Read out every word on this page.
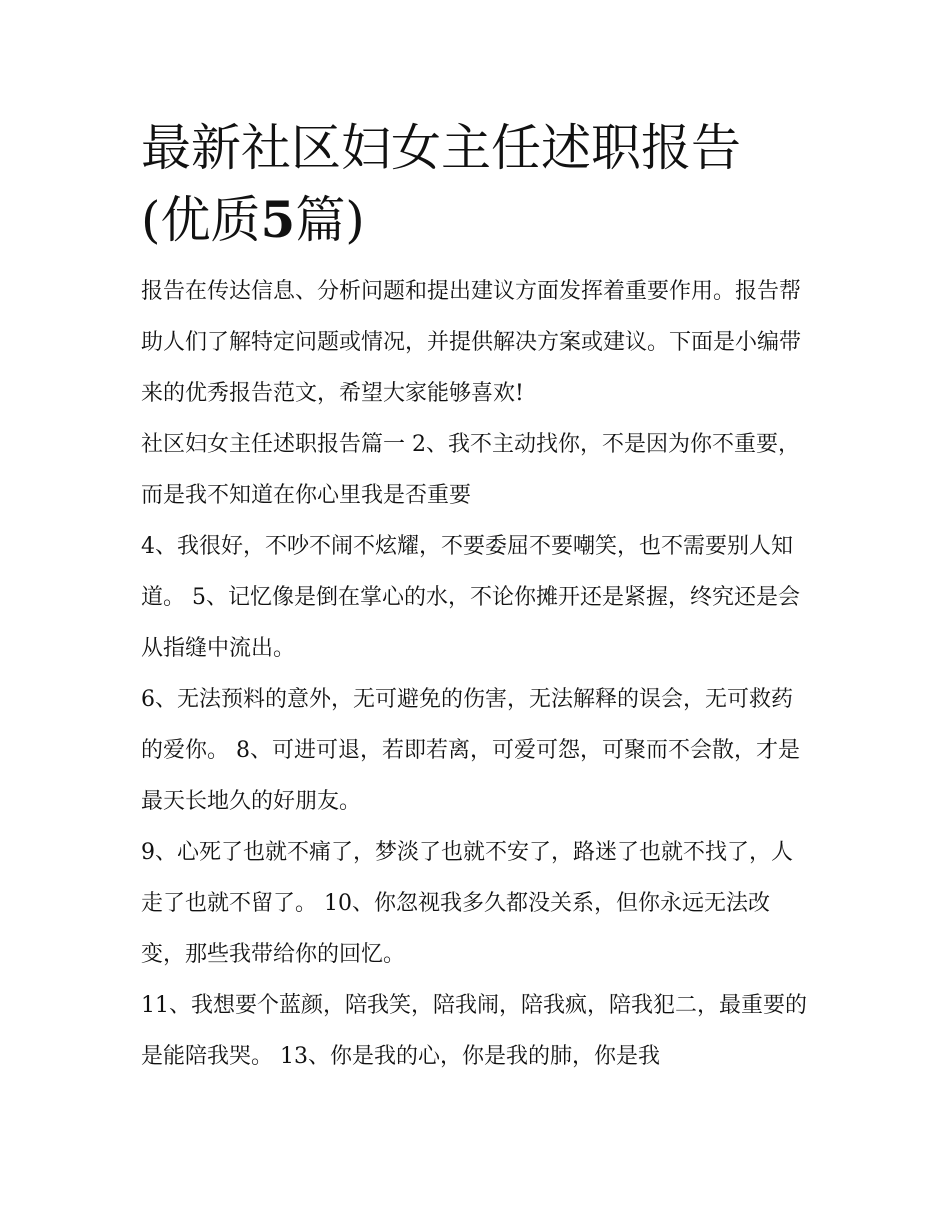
最新社区妇女主任述职报告(优质5篇)

报告在传达信息、分析问题和提出建议方面发挥着重要作用。报告帮助人们了解特定问题或情况，并提供解决方案或建议。下面是小编带来的优秀报告范文，希望大家能够喜欢!

社区妇女主任述职报告篇一 2、我不主动找你，不是因为你不重要，而是我不知道在你心里我是否重要

4、我很好，不吵不闹不炫耀，不要委屈不要嘲笑，也不需要别人知道。 5、记忆像是倒在掌心的水，不论你摊开还是紧握，终究还是会从指缝中流出。

6、无法预料的意外，无可避免的伤害，无法解释的误会，无可救药的爱你。 8、可进可退，若即若离，可爱可怨，可聚而不会散，才是最天长地久的好朋友。

9、心死了也就不痛了，梦淡了也就不安了，路迷了也就不找了，人走了也就不留了。 10、你忽视我多久都没关系，但你永远无法改变，那些我带给你的回忆。

11、我想要个蓝颜，陪我笑，陪我闹，陪我疯，陪我犯二，最重要的是能陪我哭。 13、你是我的心，你是我的肺，你是我
